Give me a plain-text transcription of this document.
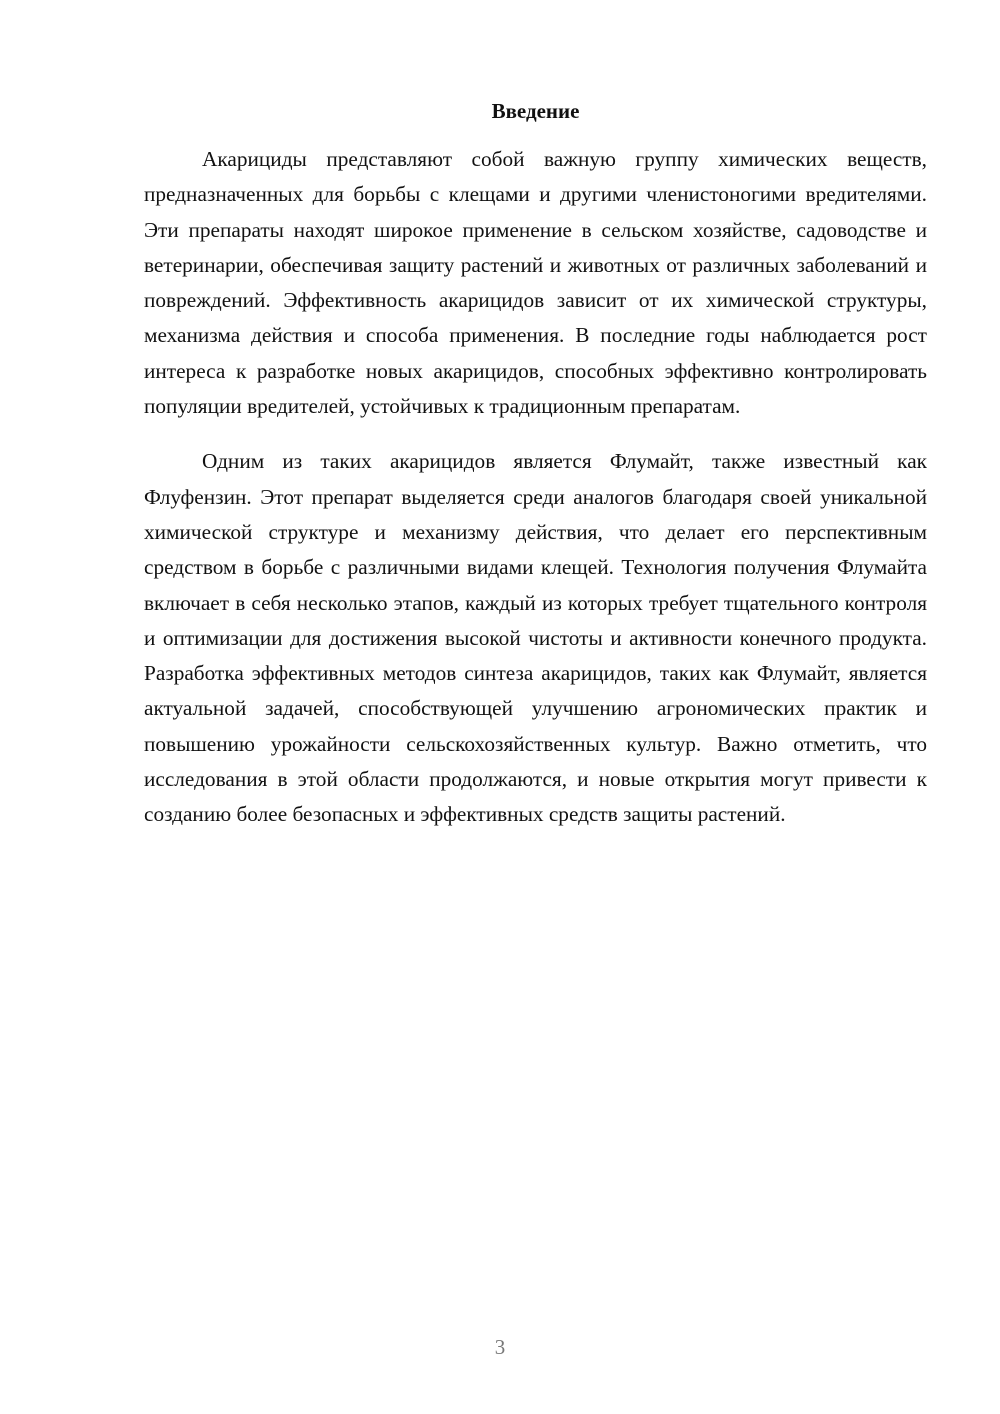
Введение

Акарициды представляют собой важную группу химических веществ, предназначенных для борьбы с клещами и другими членистоногими вредителями. Эти препараты находят широкое применение в сельском хозяйстве, садоводстве и ветеринарии, обеспечивая защиту растений и животных от различных заболеваний и повреждений. Эффективность акарицидов зависит от их химической структуры, механизма действия и способа применения. В последние годы наблюдается рост интереса к разработке новых акарицидов, способных эффективно контролировать популяции вредителей, устойчивых к традиционным препаратам.

Одним из таких акарицидов является Флумайт, также известный как Флуфензин. Этот препарат выделяется среди аналогов благодаря своей уникальной химической структуре и механизму действия, что делает его перспективным средством в борьбе с различными видами клещей. Технология получения Флумайта включает в себя несколько этапов, каждый из которых требует тщательного контроля и оптимизации для достижения высокой чистоты и активности конечного продукта. Разработка эффективных методов синтеза акарицидов, таких как Флумайт, является актуальной задачей, способствующей улучшению агрономических практик и повышению урожайности сельскохозяйственных культур. Важно отметить, что исследования в этой области продолжаются, и новые открытия могут привести к созданию более безопасных и эффективных средств защиты растений.

3
